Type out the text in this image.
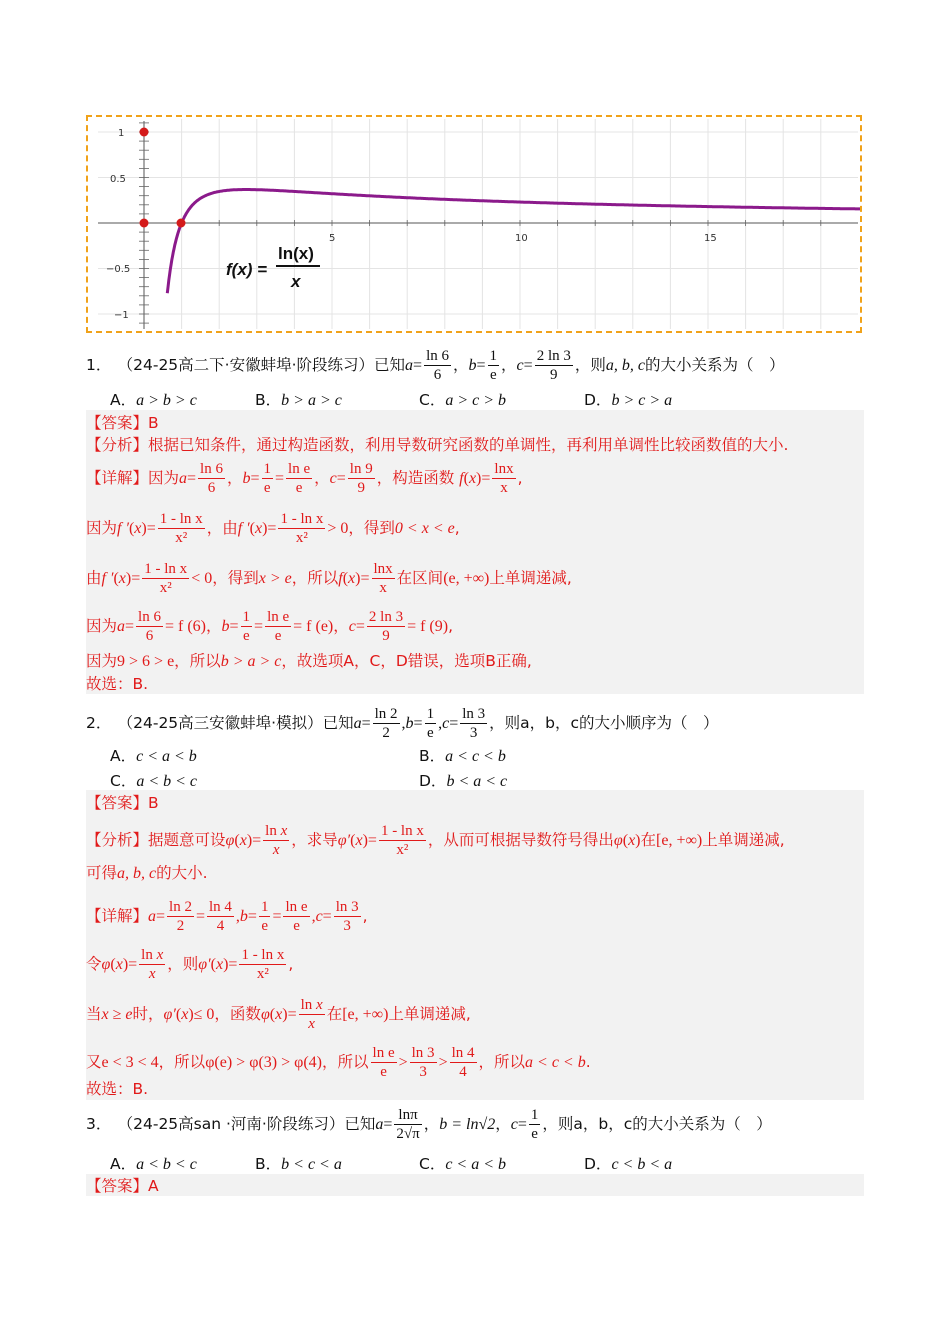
1
0.5
−0.5
−1
5	10	15
f(x) =
ln(x)
x
1． （24-25高二下·安徽蚌埠·阶段练习）已知$a= \frac{\ln 6}{6}$ ，$b= \frac{1}{e}$ ，$c= \frac{2 \ln 3}{9}$ ，则a, b, c的大小关系为（　）
A．a > b > c	B．b > a > c	C．a > c > b	D．b > c > a
【答案】B
【分析】根据已知条件，通过构造函数，利用导数研究函数的单调性，再利用单调性比较函数值的大小.
【详解】因为$a= \frac{\ln 6}{6}$ ，$b= \frac{1}{e} = \frac{\text{ln e}}{e}$ ，$c= \frac{\ln 9}{9}$ ，构造函数 $f(x)= \frac{\ln x}{x}$ ,
因为f $'(x)= \frac{\text{1 - ln x}}{\text{x²}}$ ，由f $'(x)= \frac{\text{1 - ln x}}{\text{x²}} > 0$，得到0 < x < e,
由f $'(x)= \frac{\text{1 - ln x}}{\text{x²}} < 0$，得到x > e，所以$f(x)= \frac{\ln x}{x}$ 在区间(e, +∞)上单调递减,
因为$a= \frac{\ln 6}{6} = f$ (6)，$b= \frac{1}{e} = \frac{\text{ln e}}{e} = f$ (e)，$c= \frac{2 \ln 3}{9} = f$ (9),
因为9 > 6 > e，所以b > a > c，故选项A，C，D错误，选项B正确,
故选：B.
2． （24-25高三安徽蚌埠·模拟）已知$a= \frac{\ln 2}{2} ,b= \frac{1}{e} ,c= \frac{\ln 3}{3}$ ，则a，b，c的大小顺序为（　）
A．c < a < b	B．a < c < b
C．a < b < c	D．b < a < c
【答案】B
【分析】据题意可设$\varphi(x)= \frac{\text{ln x}}{x}$ ，求导$\varphi'(x)= \frac{\text{1 - ln x}}{\text{x²}}$ ，从而可根据导数符号得出φ(x)在[e, +∞)上单调递减,
可得a, b, c的大小.
【详解】$a= \frac{\ln 2}{2} = \frac{\ln 4}{4} ,b= \frac{1}{e} = \frac{\text{ln e}}{e} ,c= \frac{\ln 3}{3}$ ,
令$\varphi(x)= \frac{\text{ln x}}{x}$ ，则$\varphi'(x)= \frac{\text{1 - ln x}}{\text{x²}}$ ,
当x ≥ e时，φ′(x)≤ 0，函数$\varphi(x)= \frac{\text{ln x}}{x}$ 在[e, +∞)上单调递减,
又e < 3 < 4，所以φ(e) > φ(3) > φ(4)，所以 $\frac{\text{ln e}}{e} > \frac{\ln 3}{3} > \frac{\ln 4}{4}$ ，所以a < c < b.
故选：B.
3． （24-25高san ·河南·阶段练习）已知$a= \frac{\ln\pi}{2√\pi}$ ，b = ln√2，$c= \frac{1}{e}$ ，则a，b，c的大小关系为（　）
A．a < b < c	B．b < c < a	C．c < a < b	D．c < b < a
【答案】A
